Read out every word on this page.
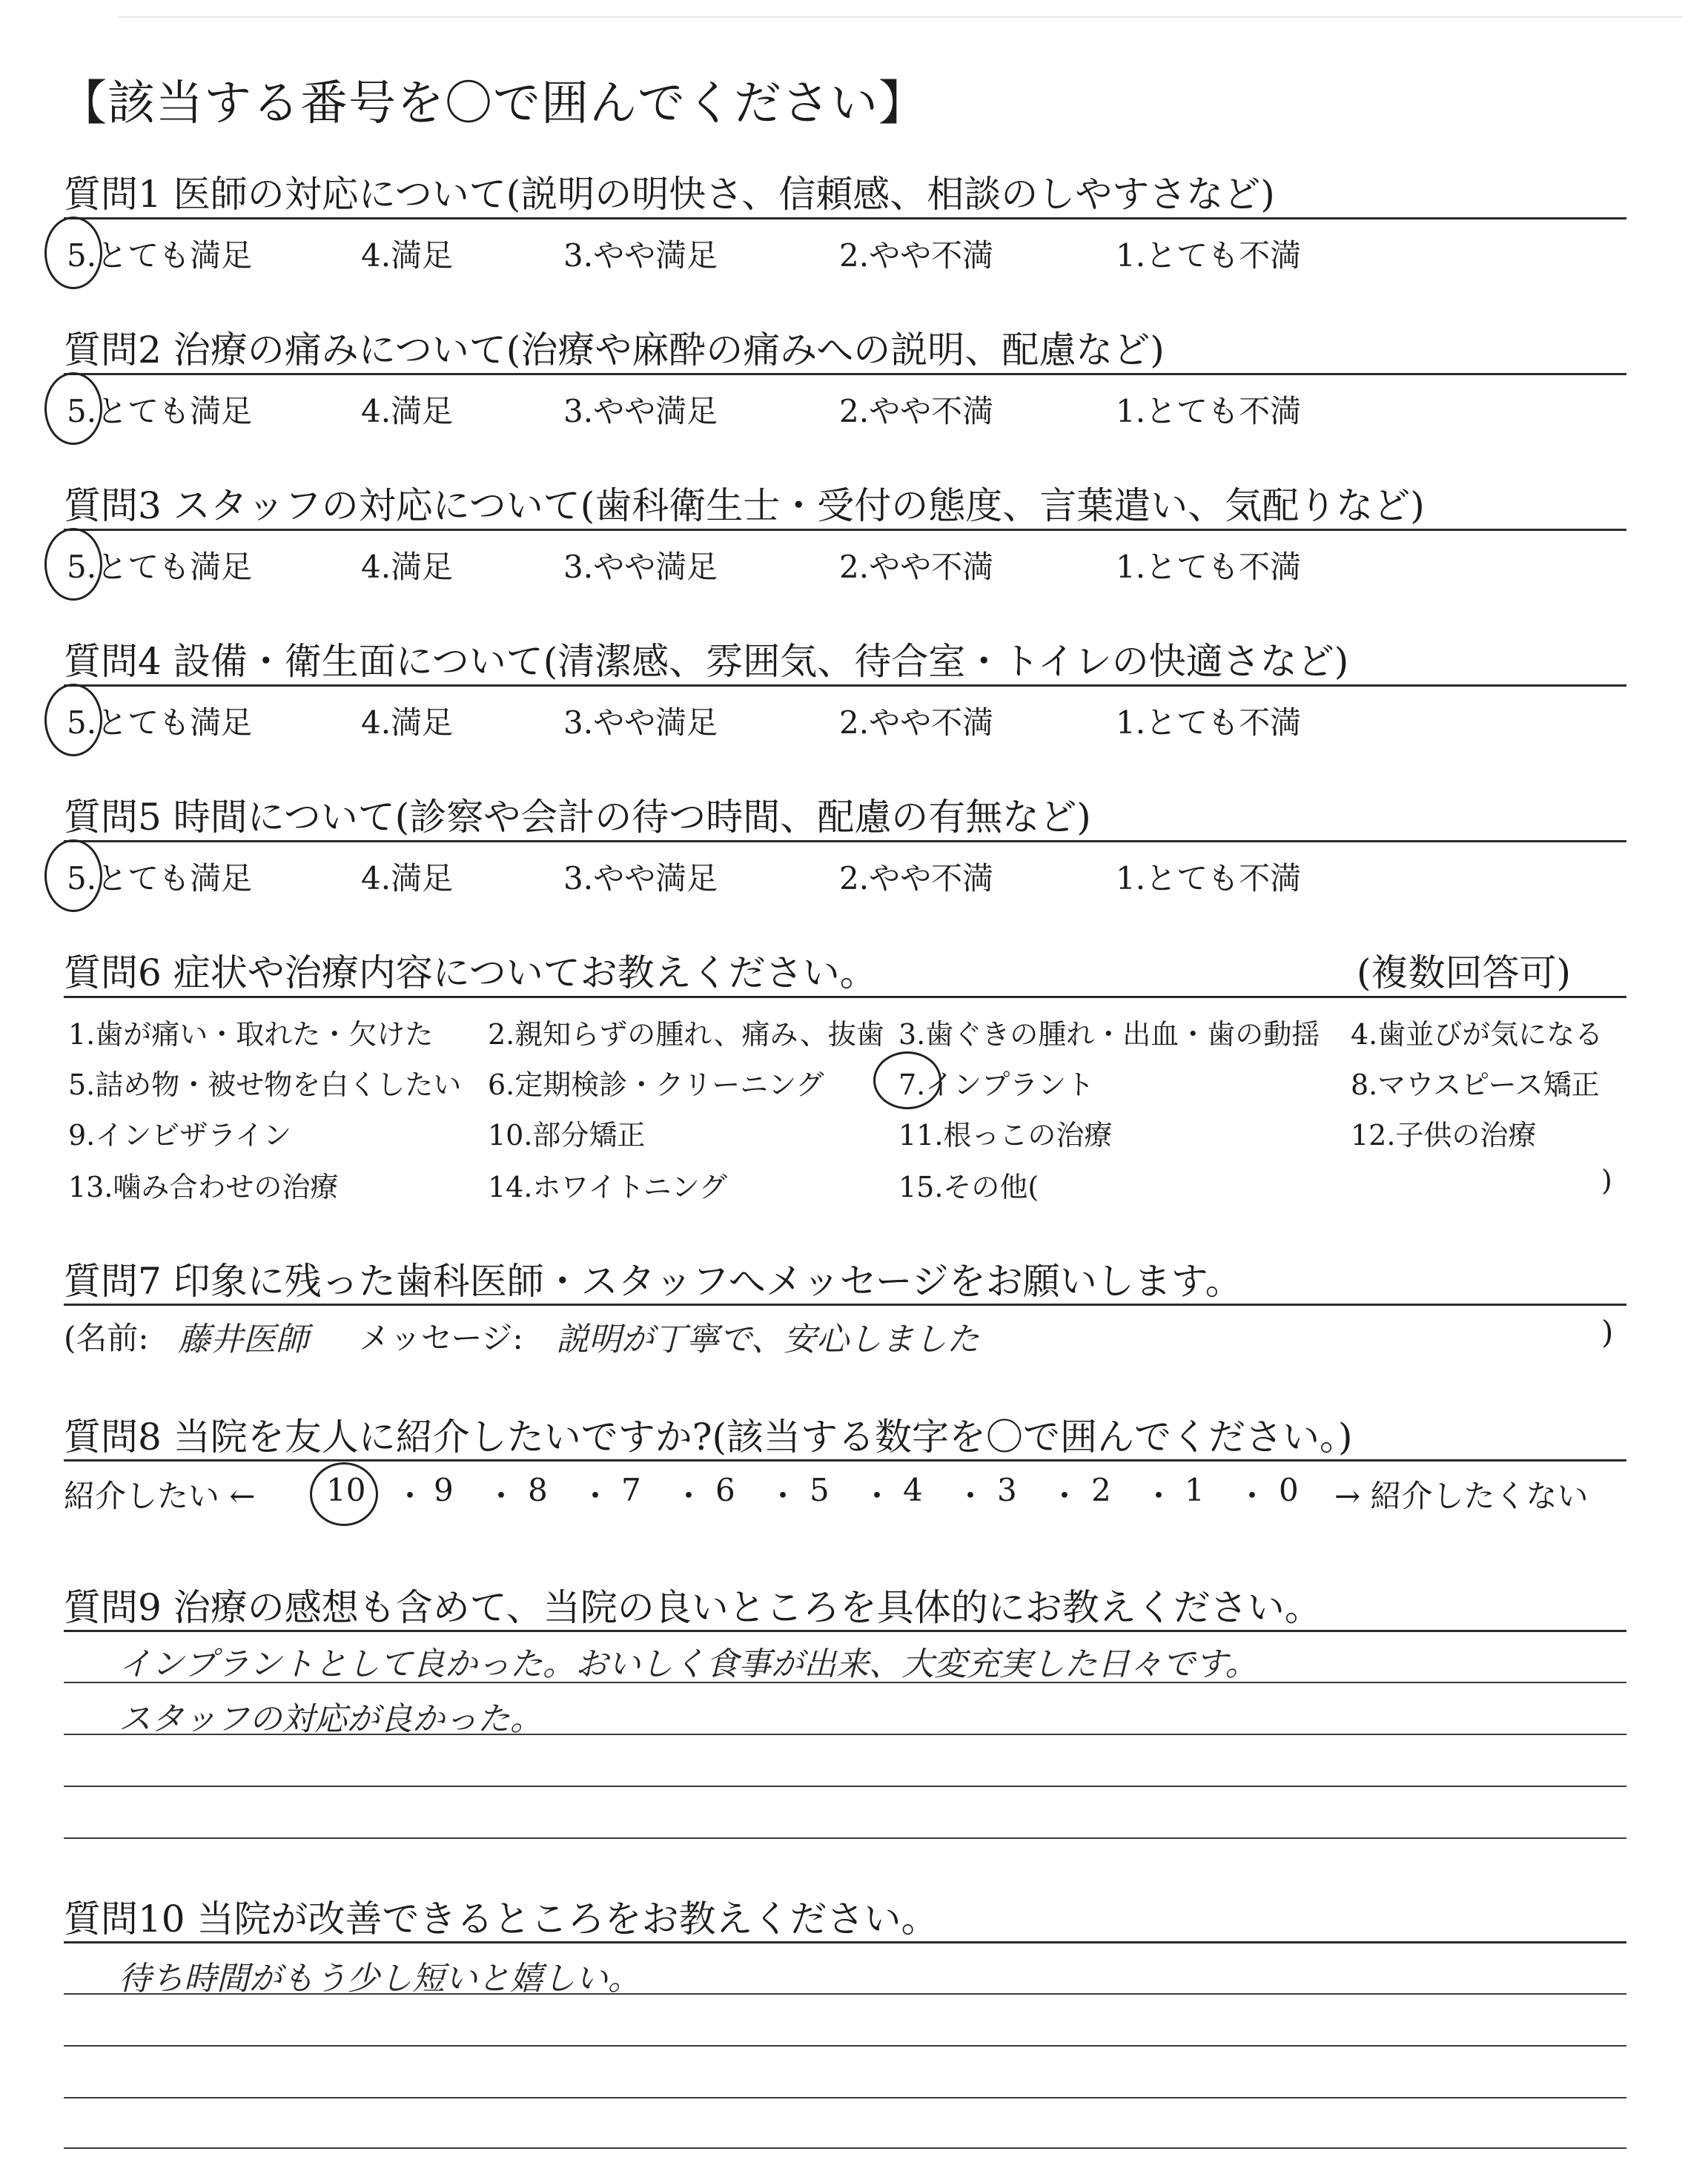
【該当する番号を〇で囲んでください】
質問1 医師の対応について(説明の明快さ、信頼感、相談のしやすさなど)
5.とても満足	4.満足	3.やや満足	2.やや不満	1.とても不満
質問2 治療の痛みについて(治療や麻酔の痛みへの説明、配慮など)
5.とても満足	4.満足	3.やや満足	2.やや不満	1.とても不満
質問3 スタッフの対応について(歯科衛生士・受付の態度、言葉遣い、気配りなど)
5.とても満足	4.満足	3.やや満足	2.やや不満	1.とても不満
質問4 設備・衛生面について(清潔感、雰囲気、待合室・トイレの快適さなど)
5.とても満足	4.満足	3.やや満足	2.やや不満	1.とても不満
質問5 時間について(診察や会計の待つ時間、配慮の有無など)
5.とても満足	4.満足	3.やや満足	2.やや不満	1.とても不満
質問6 症状や治療内容についてお教えください。	(複数回答可)
1.歯が痛い・取れた・欠けた 2.親知らずの腫れ、痛み、抜歯 3.歯ぐきの腫れ・出血・歯の動揺 4.歯並びが気になる
5.詰め物・被せ物を白くしたい 6.定期検診・クリーニング	7.インプラント	8.マウスピース矯正
9.インビザライン	10.部分矯正	11.根っこの治療	12.子供の治療
13.噛み合わせの治療	14.ホワイトニング	15.その他(	)
質問7 印象に残った歯科医師・スタッフへメッセージをお願いします。
(名前: 藤井医師 メッセージ: 説明が丁寧で、安心しました	)
質問8 当院を友人に紹介したいですか?(該当する数字を〇で囲んでください。)
紹介したい ← 10 ・ 9 ・ 8 ・ 7 ・ 6 ・ 5 ・ 4 ・ 3 ・ 2 ・ 1 ・ 0 → 紹介したくない
質問9 治療の感想も含めて、当院の良いところを具体的にお教えください。
インプラントとして良かった。おいしく食事が出来、大変充実した日々です。
スタッフの対応が良かった。
質問10 当院が改善できるところをお教えください。
待ち時間がもう少し短いと嬉しい。
